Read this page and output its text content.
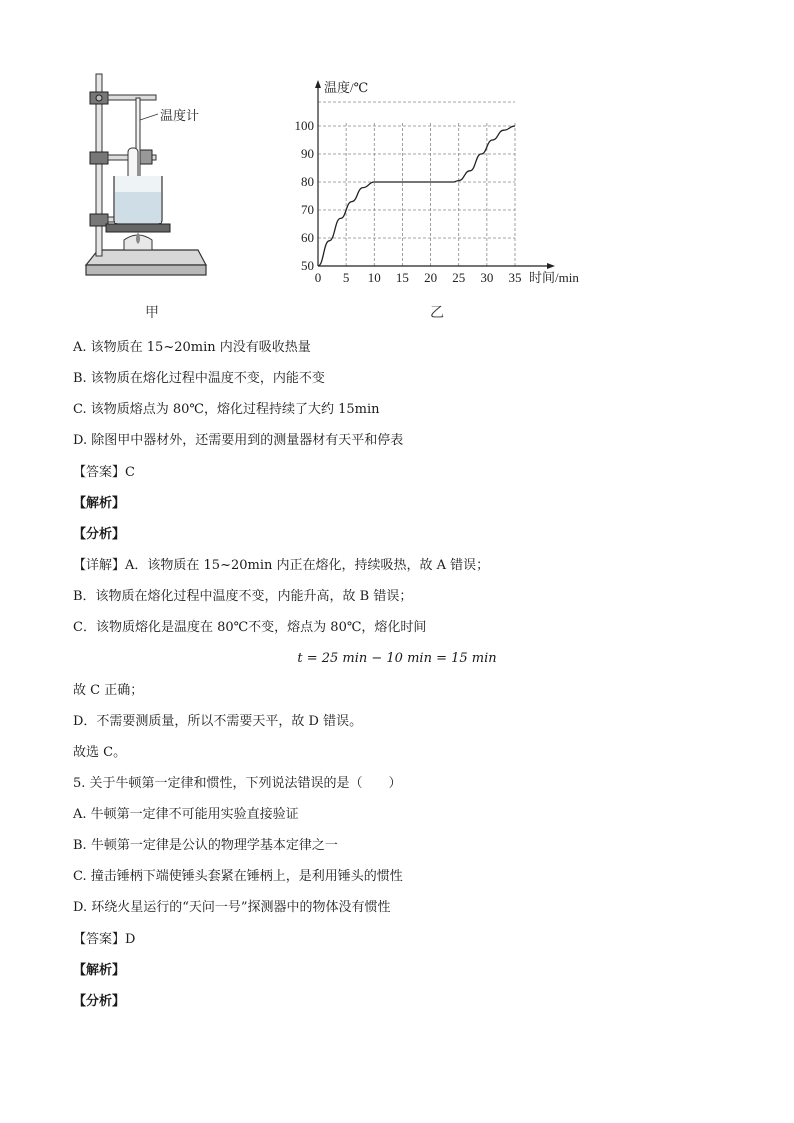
温度计
甲
0 5 10 15 20 25 30 35
50
60
70
80
90
100
温度/℃
时间/min
乙
A. 该物质在 15~20min 内没有吸收热量
B. 该物质在熔化过程中温度不变，内能不变
C. 该物质熔点为 80℃，熔化过程持续了大约 15min
D. 除图甲中器材外，还需要用到的测量器材有天平和停表
【答案】C
【解析】
【分析】
【详解】A．该物质在 15~20min 内正在熔化，持续吸热，故 A 错误；
B．该物质在熔化过程中温度不变，内能升高，故 B 错误；
C．该物质熔化是温度在 80℃不变，熔点为 80℃，熔化时间
t = 25 min − 10 min = 15 min
故 C 正确；
D．不需要测质量，所以不需要天平，故 D 错误。
故选 C。
5. 关于牛顿第一定律和惯性，下列说法错误的是（　　）
A. 牛顿第一定律不可能用实验直接验证
B. 牛顿第一定律是公认的物理学基本定律之一
C. 撞击锤柄下端使锤头套紧在锤柄上，是利用锤头的惯性
D. 环绕火星运行的“天问一号”探测器中的物体没有惯性
【答案】D
【解析】
【分析】
